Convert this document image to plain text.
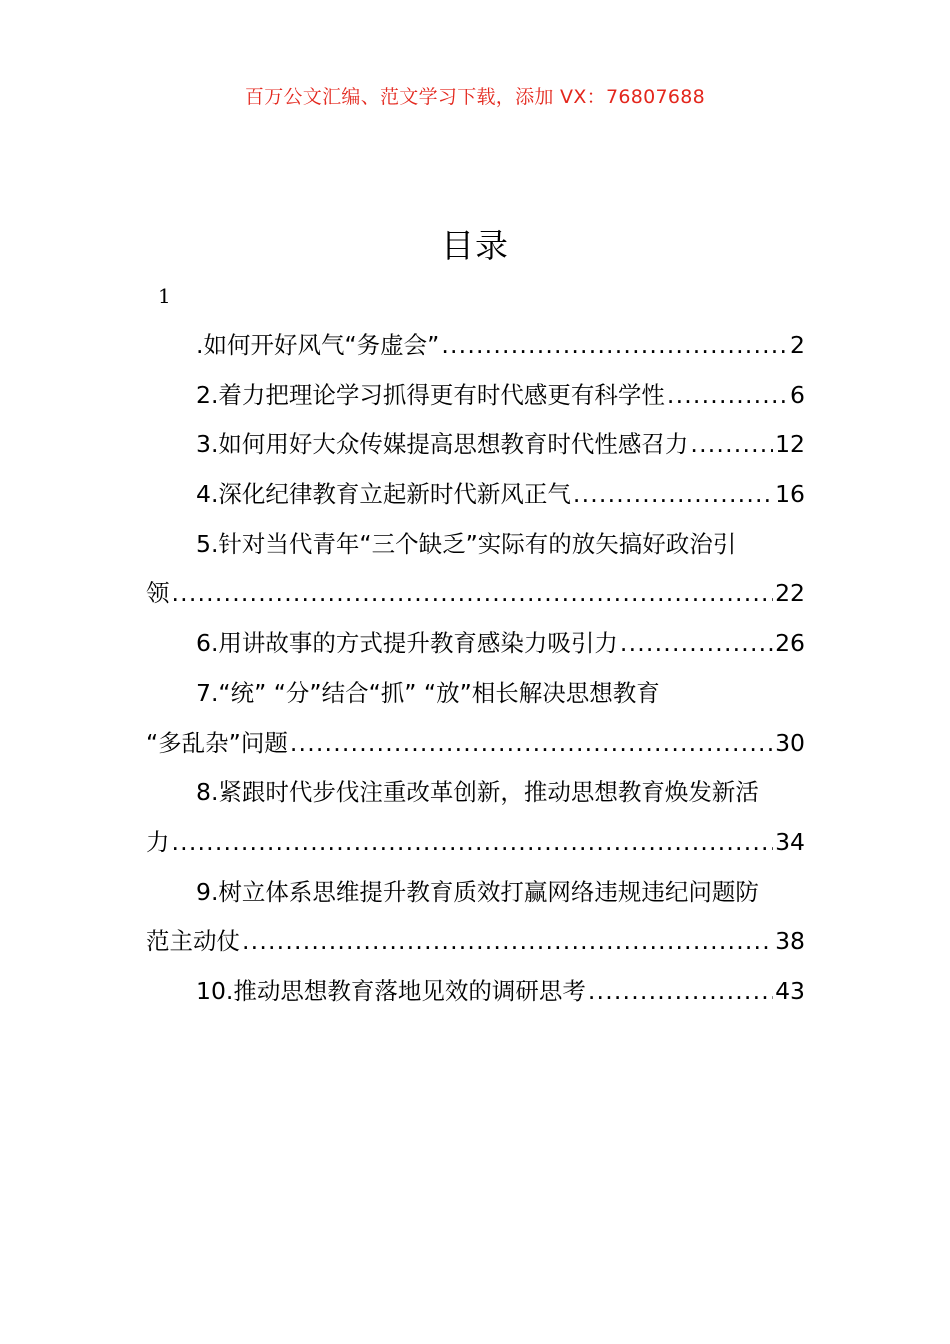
百万公文汇编、范文学习下载，添加 VX：76807688
目录
1
.如何开好风气“务虚会” .....	2
2.着力把理论学习抓得更有时代感更有科学性 .....	6
3.如何用好大众传媒提高思想教育时代性感召力 .....	12
4.深化纪律教育立起新时代新风正气 .....	16
5.针对当代青年“三个缺乏”实际有的放矢搞好政治引
领 .....	22
6.用讲故事的方式提升教育感染力吸引力 .....	26
7.“统” “分”结合“抓” “放”相长解决思想教育
“多乱杂”问题 .....	30
8.紧跟时代步伐注重改革创新，推动思想教育焕发新活
力 .....	34
9.树立体系思维提升教育质效打赢网络违规违纪问题防
范主动仗 .....	38
10.推动思想教育落地见效的调研思考 .....	43
